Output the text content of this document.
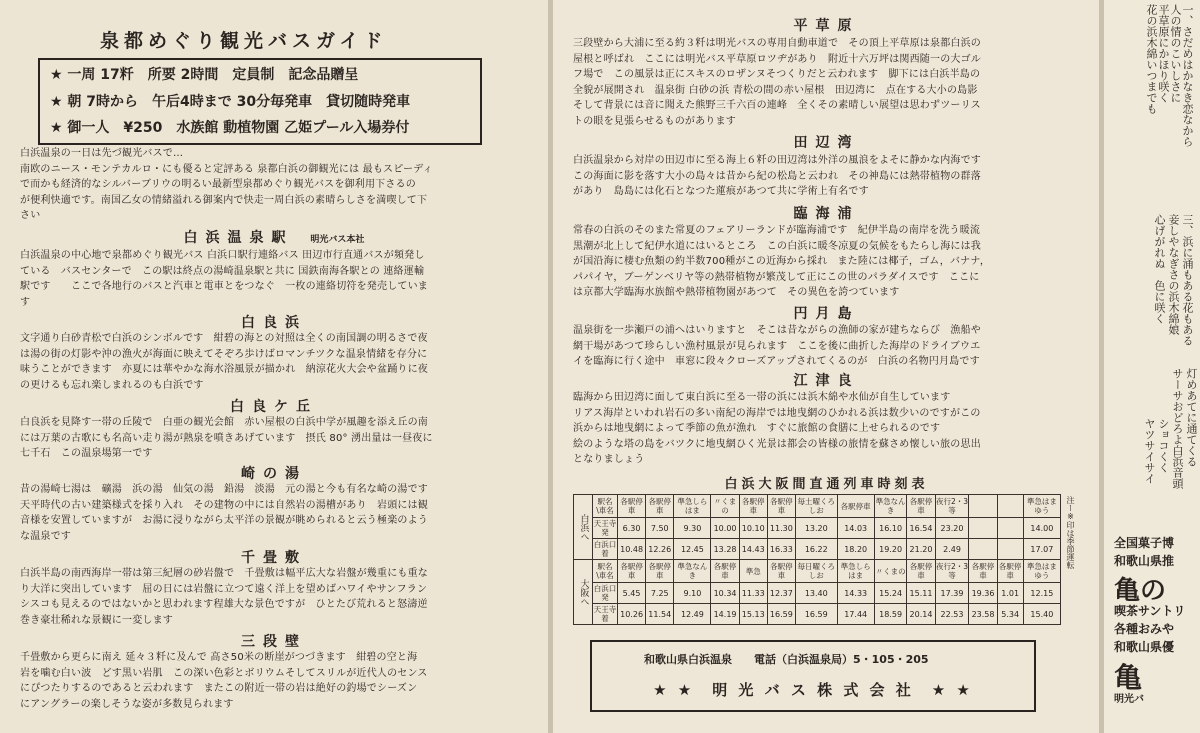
泉都めぐり観光バスガイド
★ 一周 17粁　所要 2時間　定員制　記念品贈呈
★ 朝 7時から　午后4時まで 30分毎発車　貸切随時発車
★ 御一人　¥250　水族館 動植物園 乙姫プール入場券付
白浜温泉の一日は先づ観光バスで…
南欧のニース・モンテカルロ・にも優ると定評ある 泉都白浜の御観光には 最もスピーディ
で而かも経済的なシルバーブリウの明るい最新型泉都めぐり観光バスを御利用下さるの
が便利快適です。南国乙女の情緒溢れる御案内で快走一周白浜の素晴らしさを満喫して下
さい
白浜温泉駅 明光バス本社
白浜温泉の中心地で泉都めぐり観光バス 白浜口駅行連絡バス 田辺市行直通バスが頻発し
ている　バスセンターで　この駅は終点の湯崎温泉駅と共に 国鉄南海各駅との 連絡運輸
駅です　　ここで各地行のバスと汽車と電車とをつなぐ　一枚の連絡切符を発売していま
す
白良浜
文字通り白砂青松で白浜のシンボルです　紺碧の海との対照は全くの南国調の明るさで夜
は湯の街の灯影や沖の漁火が海面に映えてそぞろ歩けばロマンチツクな温泉情緒を存分に
味うことができます　亦夏には華やかな海水浴風景が描かれ　納涼花火大会や盆踊りに夜
の更けるも忘れ楽しまれるのも白浜です
白良ケ丘
白良浜を見降す一帯の丘陵で　白亜の観光会館　赤い屋根の白浜中学が風趣を添え丘の南
には万葉の古歌にも名高い走り湯が熱泉を噴きあげています　摂氏 80° 湧出量は一昼夜に
七千石　この温泉場第一です
崎の湯
昔の湯崎七湯は　礦湯　浜の湯　仙気の湯　鉛湯　淡湯　元の湯と今も有名な崎の湯です
天平時代の古い建築様式を採り入れ　その建物の中には自然岩の湯槽があり　岩頭には観
音様を安置していますが　お湯に浸りながら太平洋の景観が眺められると云う極楽のよう
な温泉です
千畳敷
白浜半島の南西海岸一帯は第三紀層の砂岩盤で　千畳敷は幅平広大な岩盤が幾重にも重な
り大洋に突出しています　屈の日には岩盤に立つて遠く洋上を望めばハワイやサンフラン
シスコも見えるのではないかと思われます程雄大な景色ですが　ひとたび荒れると怒濤逆
巻き豪壮稀れな景観に一変します
三段壁
千畳敷から更らに南え 延々３粁に及んで 高さ50米の断崖がつづきます　紺碧の空と海
岩を噛む白い波　どす黒い岩肌　この深い色彩とボリウムそしてスリルが近代人のセンス
にぴつたりするのであると云われます　またこの附近一帯の岩は絶好の釣場でシーズン
にアングラーの楽しそうな姿が多数見られます
平草原
三段壁から大浦に至る約３粁は明光バスの専用自動車道で　その頂上平草原は泉都白浜の
屋根と呼ばれ　ここには明光バス平草原ロツヂがあり　附近十六万坪は関西随一の大ゴル
フ場で　この風景は正にスキスのロザンヌそつくりだと云われます　脚下には白浜半島の
全貌が展開され　温泉街 白砂の浜 青松の間の赤い屋根　田辺湾に　点在する大小の島影
そして背景には音に聞えた熊野三千六百の連峰　全くその素晴しい展望は思わずツーリス
トの眼を見張らせるものがあります
田辺湾
白浜温泉から対岸の田辺市に至る海上６粁の田辺湾は外洋の風浪をよそに静かな内海です
この海面に影を落す大小の島々は昔から紀の松島と云われ　その神島には熱帯植物の群落
があり　島島には化石となつた蓮痕があつて共に学術上有名です
臨海浦
常春の白浜のそのまた常夏のフェアリーランドが臨海浦です　紀伊半島の南岸を洗う暖流
黒潮が北上して紀伊水道にはいるところ　この白浜に暖冬凉夏の気候をもたらし海には我
が国沿海に棲む魚類の約半数700種がこの近海から採れ　また陸には椰子，ゴム，バナナ，
パパイヤ，ブーゲンベリヤ等の熱帯植物が繁茂して正にこの世のパラダイスです　ここに
は京都大学臨海水族館や熱帯植物園があつて　その異色を誇つています
円月島
温泉街を一歩瀬戸の浦へはいりますと　そこは昔ながらの漁師の家が建ちならび　漁船や
網干場があつて珍らしい漁村風景が見られます　ここを後に曲折した海岸のドライブウエ
イを臨海に行く途中　車窓に段々クローズアップされてくるのが　白浜の名物円月島です
江津良
臨海から田辺湾に面して東白浜に至る一帯の浜には浜木綿や水仙が自生しています
リアス海岸といわれ岩石の多い南紀の海岸では地曳網のひかれる浜は数少いのですがこの
浜からは地曳網によって季節の魚が漁れ　すぐに旅館の食膳に上せられるのです
絵のような塔の島をバツクに地曳網ひく光景は都会の皆様の旅情を蘇さめ懐しい旅の思出
となりましょう
白浜大阪間直通列車時刻表
白浜へ	駅名\車名	各駅停車	各駅停車	準急しらはま	〃くまの	各駅停車	各駅停車	毎土曜くろしお	各駅停車	準急なんき	各駅停車	夜行2・3等			準急はまゆう
	天王寺発	6.30	7.50	9.30	10.00	10.10	11.30	13.20	14.03	16.10	16.54	23.20			14.00
	白浜口着	10.48	12.26	12.45	13.28	14.43	16.33	16.22	18.20	19.20	21.20	2.49			17.07
大阪へ	駅名\車名	各駅停車	各駅停車	準急なんき	各駅停車	準急	各駅停車	毎日曜くろしお	準急しらはま	〃くまの	各駅停車	夜行2・3等	各駅停車	各駅停車	準急はまゆう
	白浜口発	5.45	7.25	9.10	10.34	11.33	12.37	13.40	14.33	15.24	15.11	17.39	19.36	1.01	12.15
	天王寺着	10.26	11.54	12.49	14.19	15.13	16.59	16.59	17.44	18.59	20.14	22.53	23.58	5.34	15.40
注ー※印は季節運転
和歌山県白浜温泉　　電話（白浜温泉局）5・105・205
★ ★　明 光 バ ス 株 式 会 社　★ ★
一、さだめはかなき恋なから
人の情のこいしさに
平草原にかほり咲く
花の浜木綿いつまでも
三、浜に涌もある花もある
妾しやなぎさの浜木綿娘
心げがれぬ　色に咲く
灯めあてに通てくる
サーサおどろよ白浜音頭
ショコくく
ヤツサイサイ
全国菓子博
和歌山県推
亀の
喫茶サントリ
各種おみや
和歌山県優
亀
明光バ
